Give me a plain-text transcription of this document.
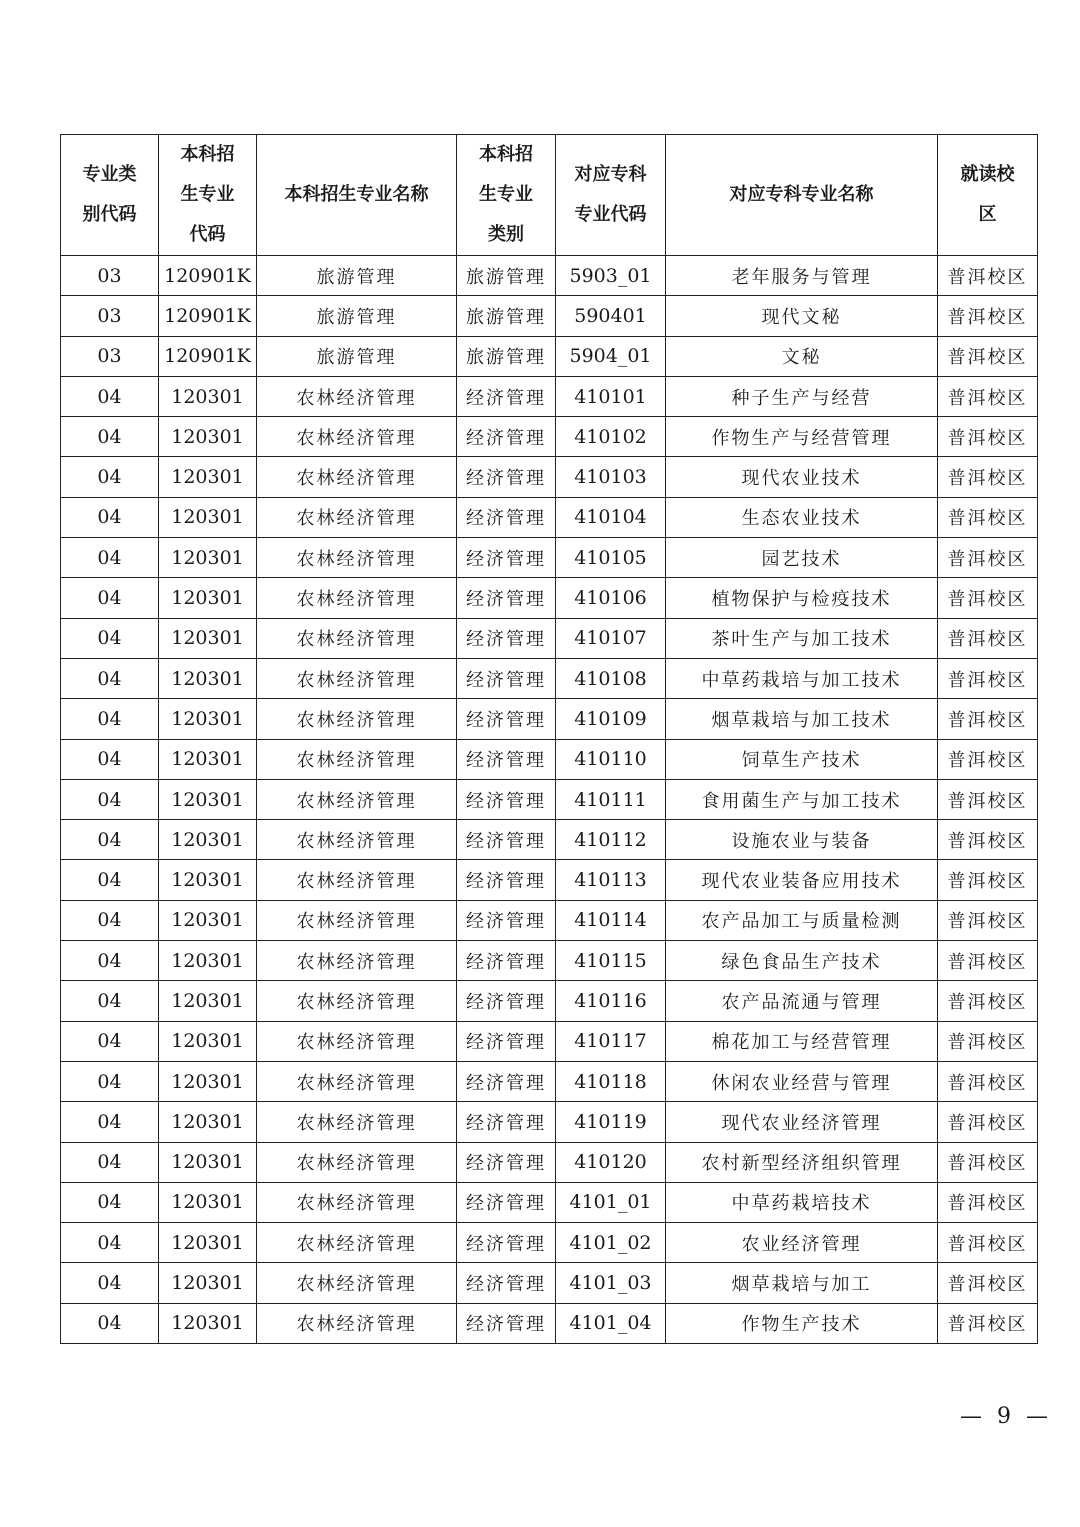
专业类别代码	本科招生专业代码	本科招生专业名称	本科招生专业类别	对应专科专业代码	对应专科专业名称	就读校区
03	120901K	旅游管理	旅游管理	5903_01	老年服务与管理	普洱校区
03	120901K	旅游管理	旅游管理	590401	现代文秘	普洱校区
03	120901K	旅游管理	旅游管理	5904_01	文秘	普洱校区
04	120301	农林经济管理	经济管理	410101	种子生产与经营	普洱校区
04	120301	农林经济管理	经济管理	410102	作物生产与经营管理	普洱校区
04	120301	农林经济管理	经济管理	410103	现代农业技术	普洱校区
04	120301	农林经济管理	经济管理	410104	生态农业技术	普洱校区
04	120301	农林经济管理	经济管理	410105	园艺技术	普洱校区
04	120301	农林经济管理	经济管理	410106	植物保护与检疫技术	普洱校区
04	120301	农林经济管理	经济管理	410107	茶叶生产与加工技术	普洱校区
04	120301	农林经济管理	经济管理	410108	中草药栽培与加工技术	普洱校区
04	120301	农林经济管理	经济管理	410109	烟草栽培与加工技术	普洱校区
04	120301	农林经济管理	经济管理	410110	饲草生产技术	普洱校区
04	120301	农林经济管理	经济管理	410111	食用菌生产与加工技术	普洱校区
04	120301	农林经济管理	经济管理	410112	设施农业与装备	普洱校区
04	120301	农林经济管理	经济管理	410113	现代农业装备应用技术	普洱校区
04	120301	农林经济管理	经济管理	410114	农产品加工与质量检测	普洱校区
04	120301	农林经济管理	经济管理	410115	绿色食品生产技术	普洱校区
04	120301	农林经济管理	经济管理	410116	农产品流通与管理	普洱校区
04	120301	农林经济管理	经济管理	410117	棉花加工与经营管理	普洱校区
04	120301	农林经济管理	经济管理	410118	休闲农业经营与管理	普洱校区
04	120301	农林经济管理	经济管理	410119	现代农业经济管理	普洱校区
04	120301	农林经济管理	经济管理	410120	农村新型经济组织管理	普洱校区
04	120301	农林经济管理	经济管理	4101_01	中草药栽培技术	普洱校区
04	120301	农林经济管理	经济管理	4101_02	农业经济管理	普洱校区
04	120301	农林经济管理	经济管理	4101_03	烟草栽培与加工	普洱校区
04	120301	农林经济管理	经济管理	4101_04	作物生产技术	普洱校区
— 9 —
